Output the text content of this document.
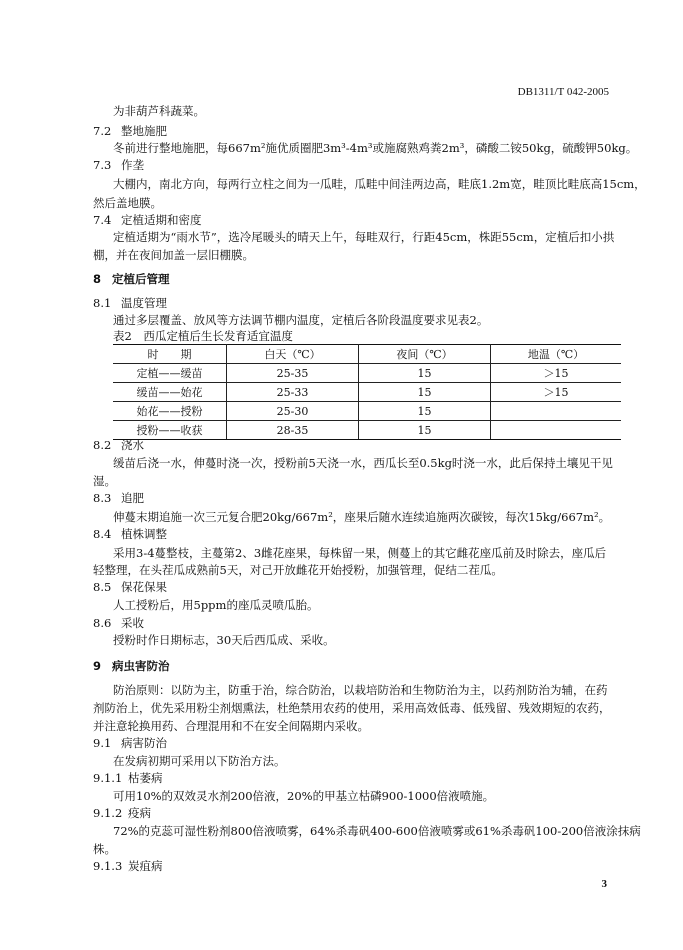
DB1311/T 042-2005
为非葫芦科蔬菜。
7.2 整地施肥
冬前进行整地施肥，每667m²施优质圈肥3m³-4m³或施腐熟鸡粪2m³，磷酸二铵50kg，硫酸钾50kg。
7.3 作垄
大棚内，南北方向，每两行立柱之间为一瓜畦，瓜畦中间洼两边高，畦底1.2m宽，畦顶比畦底高15cm，
然后盖地膜。
7.4 定植适期和密度
定植适期为“雨水节”，选冷尾暖头的晴天上午，每畦双行，行距45cm，株距55cm，定植后扣小拱
棚，并在夜间加盖一层旧棚膜。
8 定植后管理
8.1 温度管理
通过多层覆盖、放风等方法调节棚内温度，定植后各阶段温度要求见表2。
表2　西瓜定植后生长发育适宜温度
时　　期	白天（℃）	夜间（℃）	地温（℃）
定植——缓苗	25-35	15	＞15
缓苗——始花	25-33	15	＞15
始花——授粉	25-30	15	
授粉——收获	28-35	15	
8.2 浇水
缓苗后浇一水，伸蔓时浇一次，授粉前5天浇一水，西瓜长至0.5kg时浇一水，此后保持土壤见干见
湿。
8.3 追肥
伸蔓末期追施一次三元复合肥20kg/667m²，座果后随水连续追施两次碳铵，每次15kg/667m²。
8.4 植株调整
采用3-4蔓整枝，主蔓第2、3雌花座果，每株留一果，侧蔓上的其它雌花座瓜前及时除去，座瓜后
轻整理，在头茬瓜成熟前5天，对己开放雌花开始授粉，加强管理，促结二茬瓜。
8.5 保花保果
人工授粉后，用5ppm的座瓜灵喷瓜胎。
8.6 采收
授粉时作日期标志，30天后西瓜成、采收。
9 病虫害防治
防治原则：以防为主，防重于治，综合防治，以栽培防治和生物防治为主，以药剂防治为辅，在药
剂防治上，优先采用粉尘剂烟熏法，杜绝禁用农药的使用，采用高效低毒、低残留、残效期短的农药，
并注意轮换用药、合理混用和不在安全间隔期内采收。
9.1 病害防治
在发病初期可采用以下防治方法。
9.1.1 枯萎病
可用10%的双效灵水剂200倍液，20%的甲基立枯磷900-1000倍液喷施。
9.1.2 疫病
72%的克蕊可湿性粉剂800倍液喷雾，64%杀毒矾400-600倍液喷雾或61%杀毒矾100-200倍液涂抹病
株。
9.1.3 炭疽病
3
